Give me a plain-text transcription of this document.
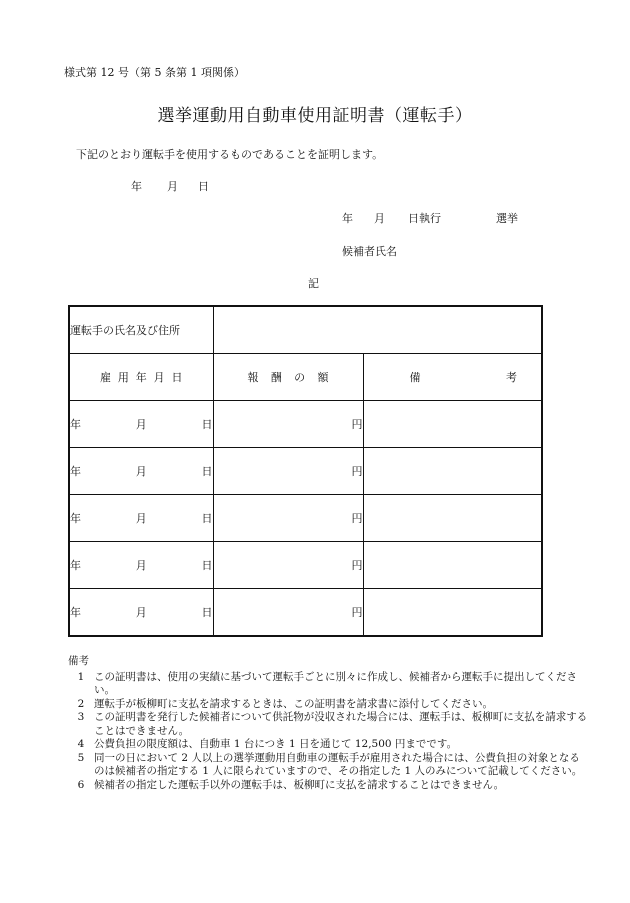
様式第 12 号（第 5 条第 1 項関係）
選挙運動用自動車使用証明書（運転手）
下記のとおり運転手を使用するものであることを証明します。
年 月 日
年 月 日執行	選挙
候補者氏名
記
運転手の氏名及び住所		

雇 用 年 月 日	報 酬 の 額	備 考

年 月 日	円	

年 月 日	円	

年 月 日	円	

年 月 日	円	

年 月 日	円	
備考
1 この証明書は、使用の実績に基づいて運転手ごとに別々に作成し、候補者から運転手に提出してください。
2 運転手が板柳町に支払を請求するときは、この証明書を請求書に添付してください。
3 この証明書を発行した候補者について供託物が没収された場合には、運転手は、板柳町に支払を請求することはできません。
4 公費負担の限度額は、自動車 1 台につき 1 日を通じて 12,500 円までです。
5 同一の日において 2 人以上の選挙運動用自動車の運転手が雇用された場合には、公費負担の対象となるのは候補者の指定する 1 人に限られていますので、その指定した 1 人のみについて記載してください。
6 候補者の指定した運転手以外の運転手は、板柳町に支払を請求することはできません。
